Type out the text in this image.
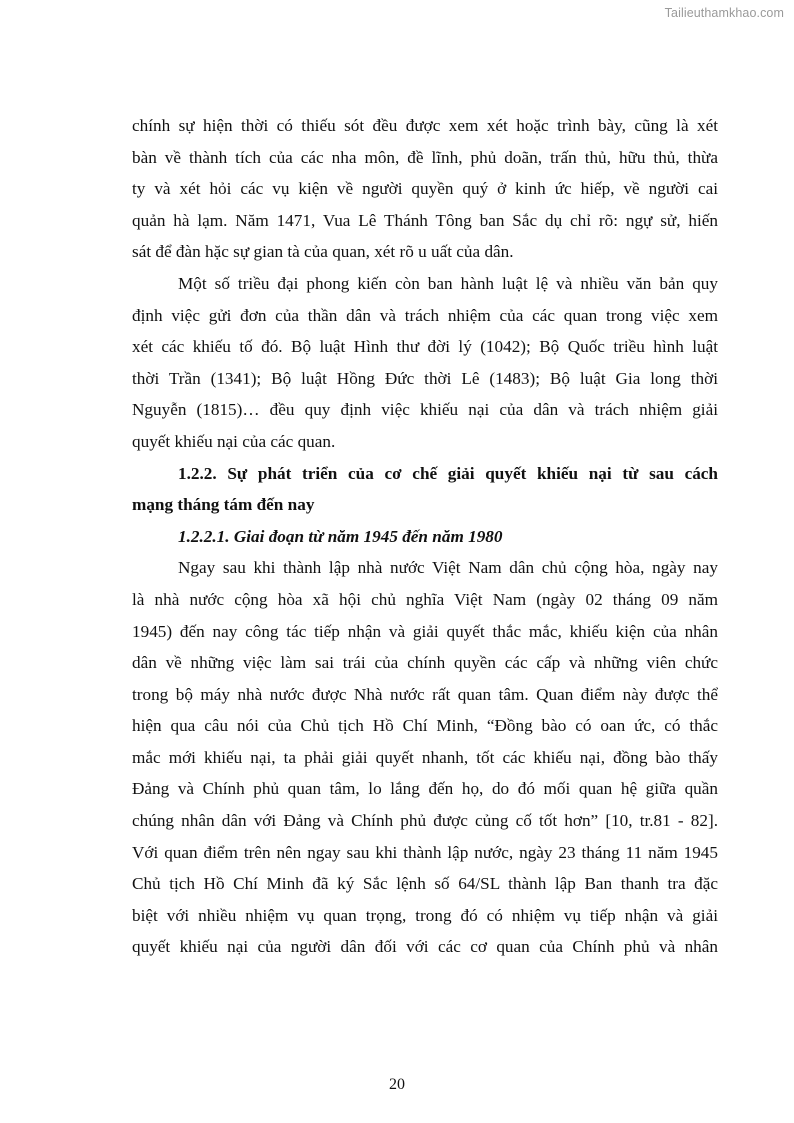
Tailieuthamkhao.com
chính sự hiện thời có thiếu sót đều được xem xét hoặc trình bày, cũng là xét
bàn về thành tích của các nha môn, đề lĩnh, phủ doãn, trấn thủ, hữu thủ, thừa
ty và xét hỏi các vụ kiện về người quyền quý ở kinh ức hiếp, về người cai
quản hà lạm. Năm 1471, Vua Lê Thánh Tông ban Sắc dụ chỉ rõ: ngự sử, hiến
sát để đàn hặc sự gian tà của quan, xét rõ u uất của dân.
Một số triều đại phong kiến còn ban hành luật lệ và nhiều văn bản quy
định việc gửi đơn của thần dân và trách nhiệm của các quan trong việc xem
xét các khiếu tố đó. Bộ luật Hình thư đời lý (1042); Bộ Quốc triều hình luật
thời Trần (1341); Bộ luật Hồng Đức thời Lê (1483); Bộ luật Gia long thời
Nguyễn (1815)… đều quy định việc khiếu nại của dân và trách nhiệm giải
quyết khiếu nại của các quan.
1.2.2. Sự phát triển của cơ chế giải quyết khiếu nại từ sau cách
mạng tháng tám đến nay
1.2.2.1. Giai đoạn từ năm 1945 đến năm 1980
Ngay sau khi thành lập nhà nước Việt Nam dân chủ cộng hòa, ngày nay
là nhà nước cộng hòa xã hội chủ nghĩa Việt Nam (ngày 02 tháng 09 năm
1945) đến nay công tác tiếp nhận và giải quyết thắc mắc, khiếu kiện của nhân
dân về những việc làm sai trái của chính quyền các cấp và những viên chức
trong bộ máy nhà nước được Nhà nước rất quan tâm. Quan điểm này được thể
hiện qua câu nói của Chủ tịch Hồ Chí Minh, “Đồng bào có oan ức, có thắc
mắc mới khiếu nại, ta phải giải quyết nhanh, tốt các khiếu nại, đồng bào thấy
Đảng và Chính phủ quan tâm, lo lắng đến họ, do đó mối quan hệ giữa quần
chúng nhân dân với Đảng và Chính phủ được củng cố tốt hơn” [10, tr.81 - 82].
Với quan điểm trên nên ngay sau khi thành lập nước, ngày 23 tháng 11 năm 1945
Chủ tịch Hồ Chí Minh đã ký Sắc lệnh số 64/SL thành lập Ban thanh tra đặc
biệt với nhiều nhiệm vụ quan trọng, trong đó có nhiệm vụ tiếp nhận và giải
quyết khiếu nại của người dân đối với các cơ quan của Chính phủ và nhân
20
